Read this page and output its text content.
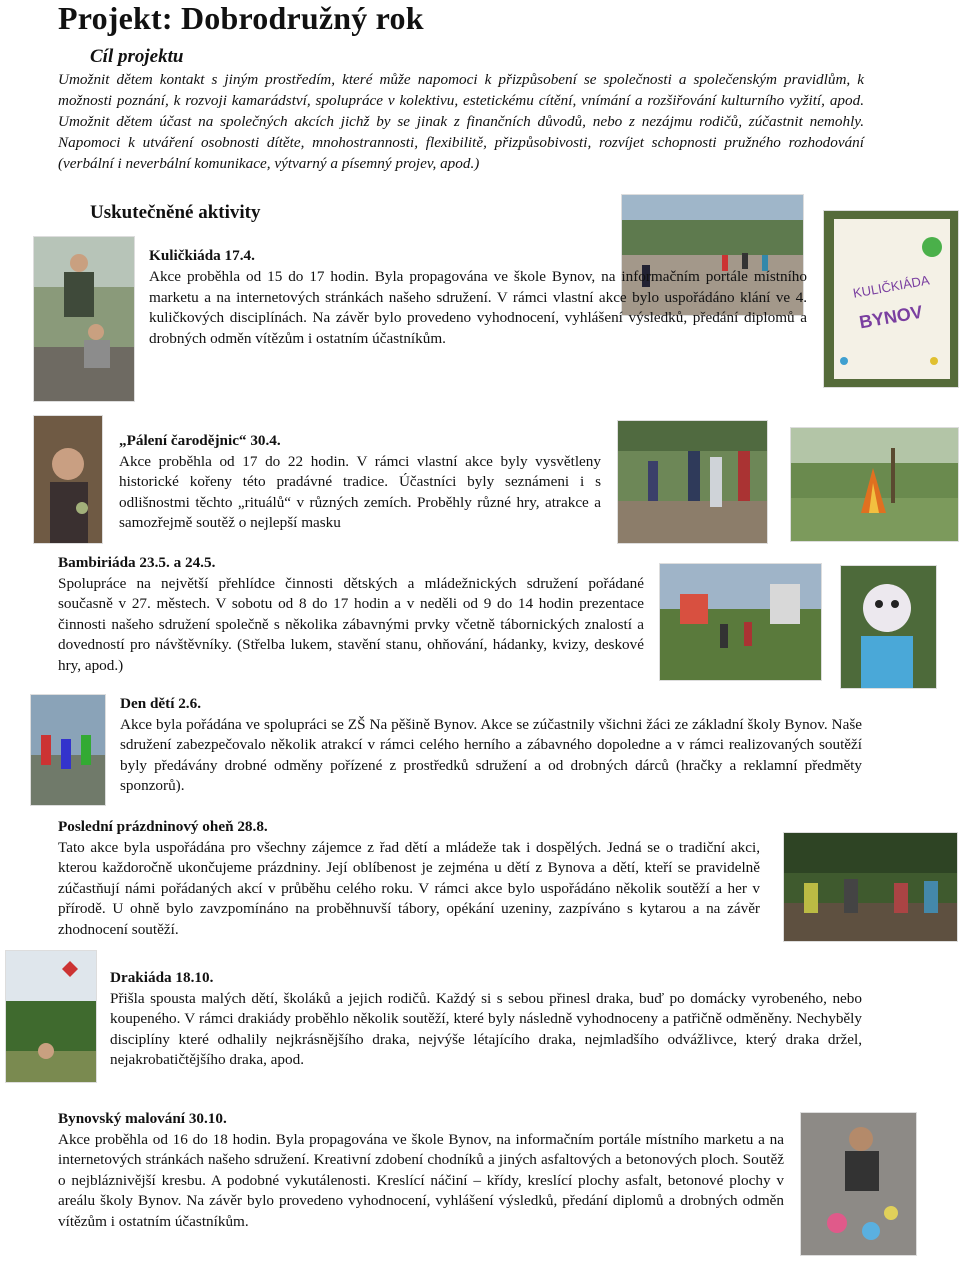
Projekt: Dobrodružný rok
Cíl projektu

Umožnit dětem kontakt s jiným prostředím, které může napomoci k přizpůsobení se společnosti a společenským pravidlům, k možnosti poznání, k rozvoji kamarádství, spolupráce v kolektivu, estetickému cítění, vnímání a rozšiřování kulturního vyžití, apod. Umožnit dětem účast na společných akcích jichž by se jinak z finančních důvodů, nebo z nezájmu rodičů, zúčastnit nemohly. Napomoci k utváření osobnosti dítěte, mnohostrannosti, flexibilitě, přizpůsobivosti, rozvíjet schopnosti pružného rozhodování (verbální i neverbální komunikace, výtvarný a písemný projev, apod.)

Uskutečněné aktivity
KULIČKIÁDA
BYNOV
Kuličkiáda 17.4.

Akce proběhla od 15 do 17 hodin. Byla propagována ve škole Bynov, na informačním portále místního marketu a na internetových stránkách našeho sdružení. V rámci vlastní akce bylo uspořádáno klání ve 4. kuličkových disciplínách. Na závěr bylo provedeno vyhodnocení, vyhlášení výsledků, předání diplomů a drobných odměn vítězům i ostatním účastníkům.

„Pálení čarodějnic“ 30.4.
Akce proběhla od 17 do 22 hodin. V rámci vlastní akce byly vysvětleny historické kořeny této pradávné tradice. Účastníci byly seznámeni i s odlišnostmi těchto „rituálů“ v různých zemích. Proběhly různé hry, atrakce a samozřejmě soutěž o nejlepší masku
Bambiriáda 23.5. a 24.5.
Spolupráce na největší přehlídce činnosti dětských a mládežnických sdružení pořádané současně v 27. městech. V sobotu od 8 do 17 hodin a v neděli od 9 do 14 hodin prezentace činnosti našeho sdružení společně s několika zábavnými prvky včetně tábornických znalostí a dovedností pro návštěvníky. (Střelba lukem, stavění stanu, ohňování, hádanky, kvizy, deskové hry, apod.)
Den dětí 2.6.
Akce byla pořádána ve spolupráci se ZŠ Na pěšině Bynov. Akce se zúčastnily všichni žáci ze základní školy Bynov. Naše sdružení zabezpečovalo několik atrakcí v rámci celého herního a zábavného dopoledne a v rámci realizovaných soutěží byly předávány drobné odměny pořízené z prostředků sdružení a od drobných dárců (hračky a reklamní předměty sponzorů).
Poslední prázdninový oheň 28.8.
Tato akce byla uspořádána pro všechny zájemce z řad dětí a mládeže tak i dospělých. Jedná se o tradiční akci, kterou každoročně ukončujeme prázdniny. Její oblíbenost je zejména u dětí z Bynova a dětí, kteří se pravidelně zúčastňují námi pořádaných akcí v průběhu celého roku. V rámci akce bylo uspořádáno několik soutěží a her v přírodě. U ohně bylo zavzpomínáno na proběhnuvší tábory, opékání uzeniny, zazpíváno s kytarou a na závěr zhodnocení soutěží.
Drakiáda 18.10.
Přišla spousta malých dětí, školáků a jejich rodičů. Každý si s sebou přinesl draka, buď po domácky vyrobeného, nebo koupeného. V rámci drakiády proběhlo několik soutěží, které byly následně vyhodnoceny a patřičně odměněny. Nechyběly disciplíny které odhalily nejkrásnějšího draka, nejvýše létajícího draka, nejmladšího odvážlivce, který draka držel, nejakrobatičtějšího draka, apod.
Bynovský malování 30.10.
Akce proběhla od 16 do 18 hodin. Byla propagována ve škole Bynov, na informačním portále místního marketu a na internetových stránkách našeho sdružení. Kreativní zdobení chodníků a jiných asfaltových a betonových ploch. Soutěž o nejbláznivější kresbu. A podobné vykutálenosti. Kreslící náčiní – křídy, kreslící plochy asfalt, betonové plochy v areálu školy Bynov. Na závěr bylo provedeno vyhodnocení, vyhlášení výsledků, předání diplomů a drobných odměn vítězům i ostatním účastníkům.
